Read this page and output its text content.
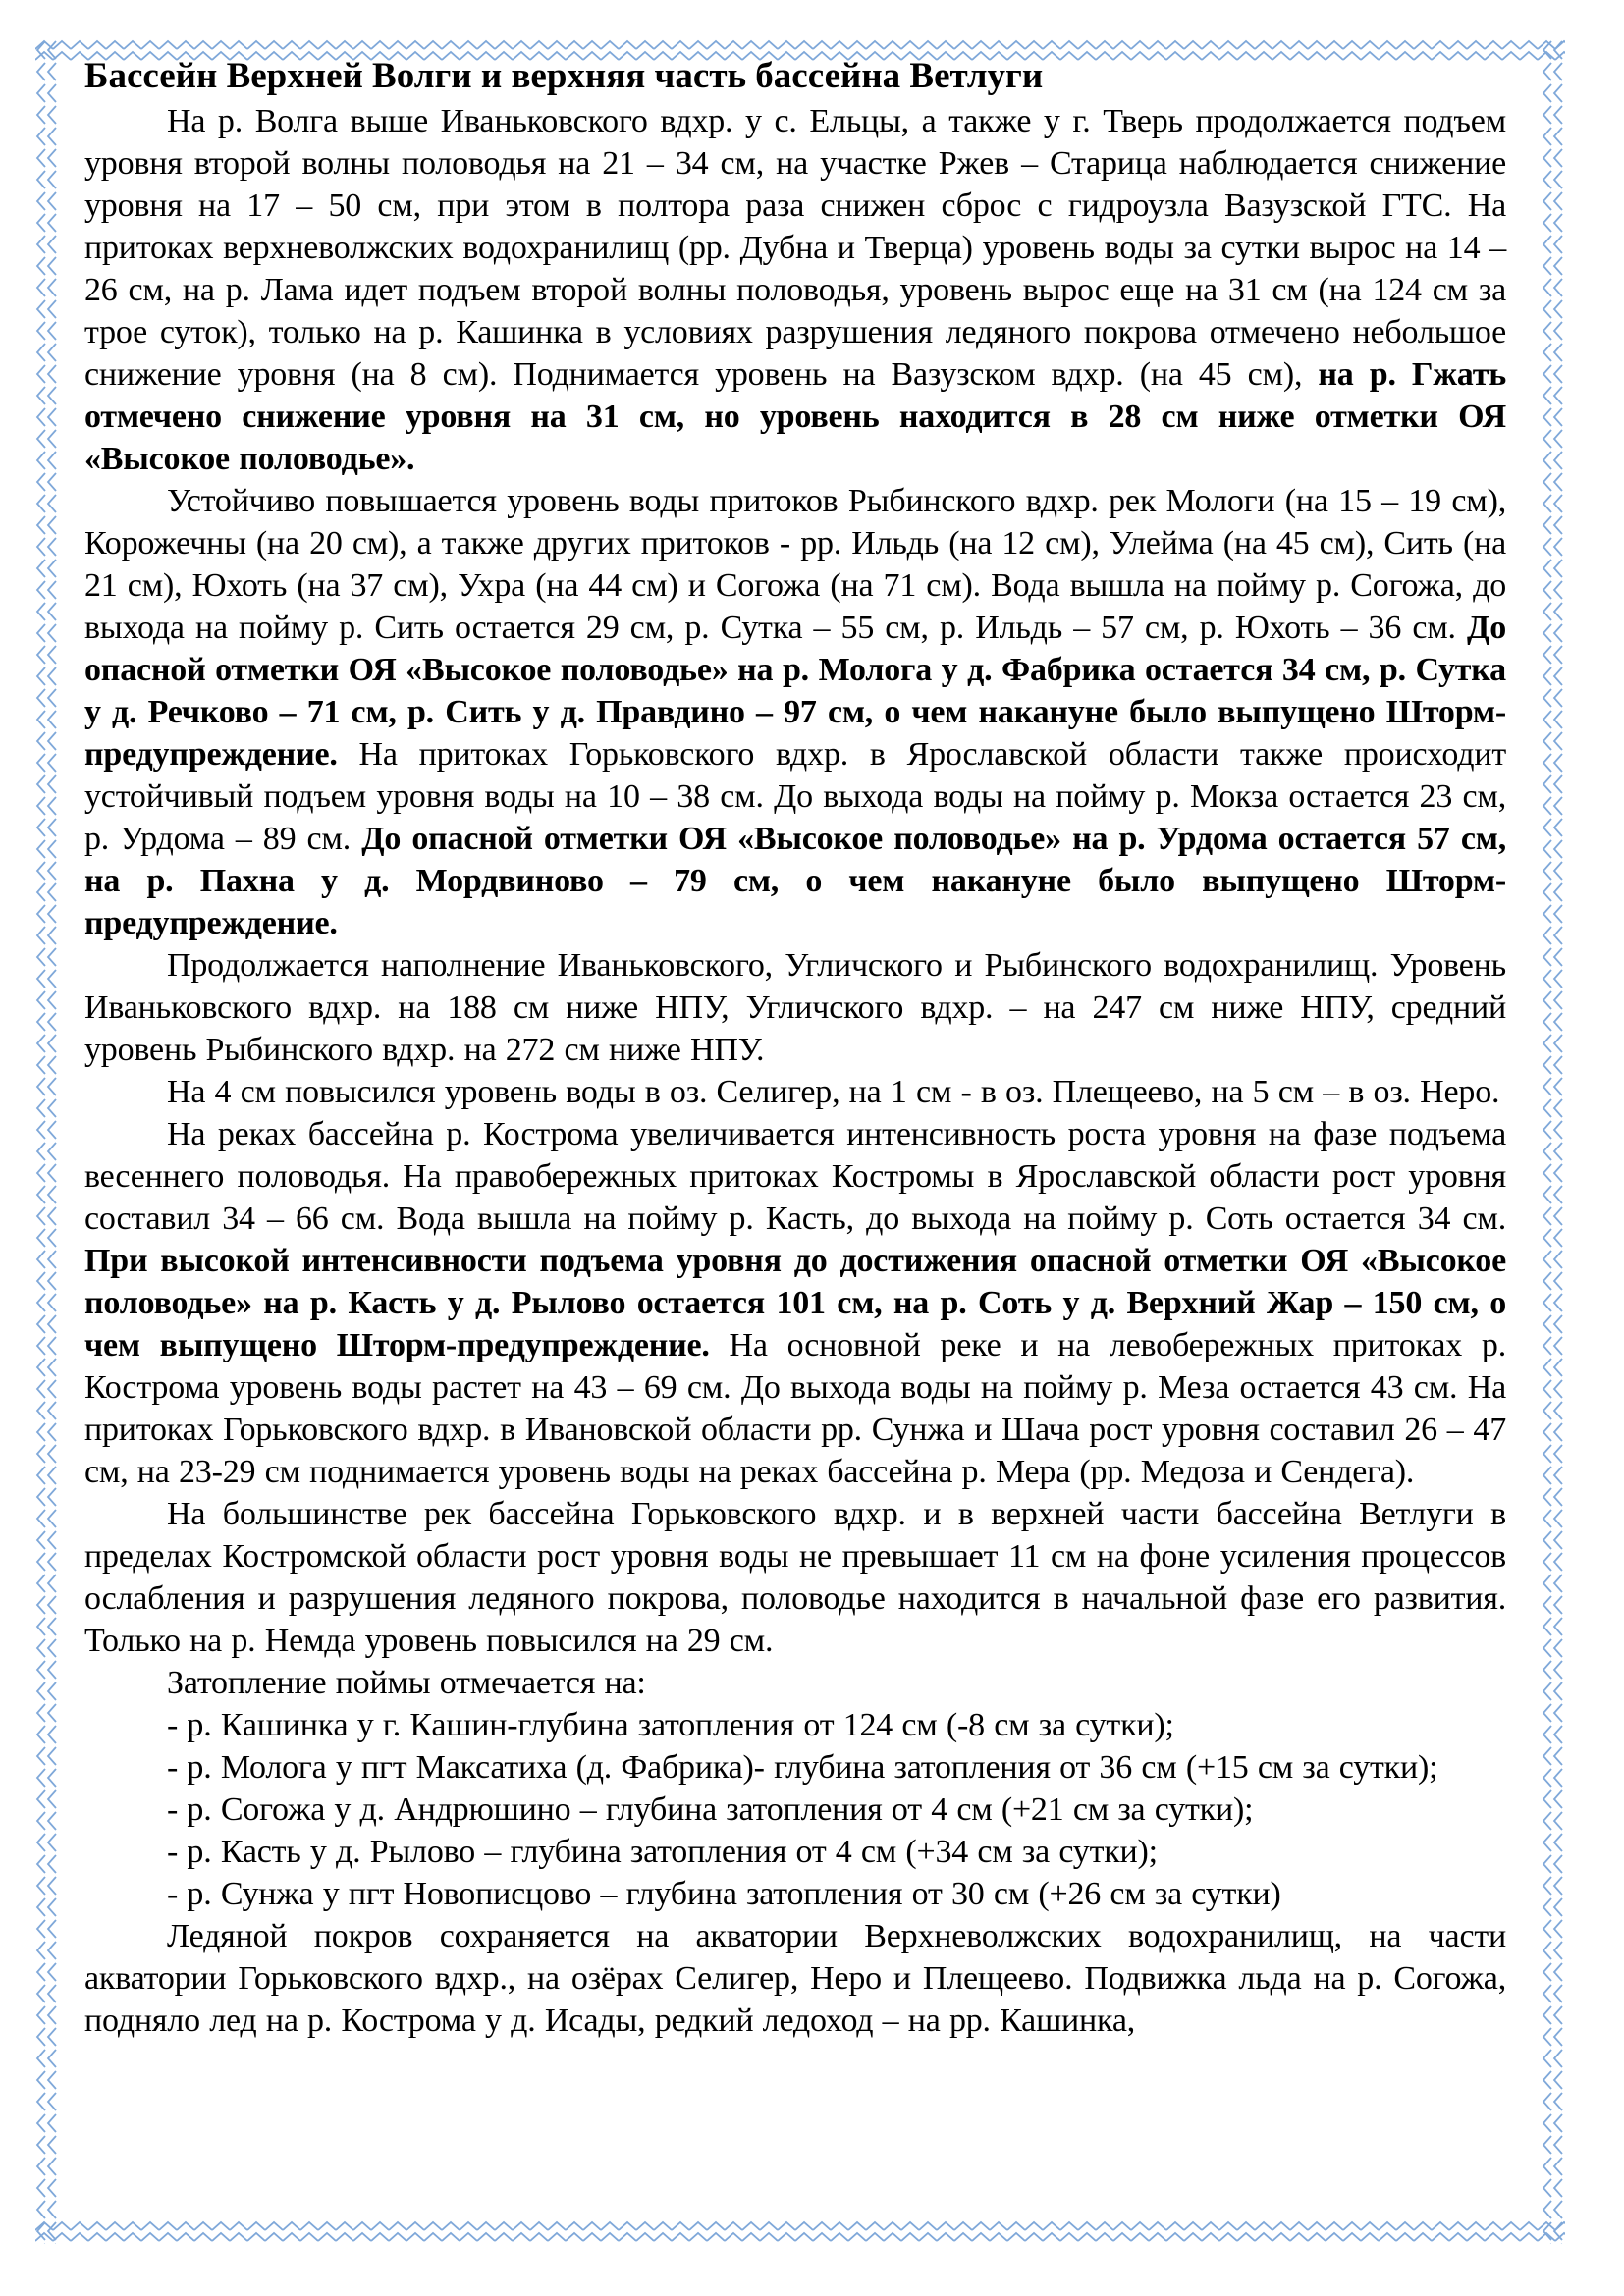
Бассейн Верхней Волги и верхняя часть бассейна Ветлуги

На р. Волга выше Иваньковского вдхр. у с. Ельцы, а также у г. Тверь продолжается подъем уровня второй волны половодья на 21 – 34 см, на участке Ржев – Старица наблюдается снижение уровня на 17 – 50 см, при этом в полтора раза снижен сброс с гидроузла Вазузской ГТС. На притоках верхневолжских водохранилищ (рр. Дубна и Тверца) уровень воды за сутки вырос на 14 – 26 см, на р. Лама идет подъем второй волны половодья, уровень вырос еще на 31 см (на 124 см за трое суток), только на р. Кашинка в условиях разрушения ледяного покрова отмечено небольшое снижение уровня (на 8 см). Поднимается уровень на Вазузском вдхр. (на 45 см), на р. Гжать отмечено снижение уровня на 31 см, но уровень находится в 28 см ниже отметки ОЯ «Высокое половодье».

Устойчиво повышается уровень воды притоков Рыбинского вдхр. рек Мологи (на 15 – 19 см), Корожечны (на 20 см), а также других притоков - рр. Ильдь (на 12 см), Улейма (на 45 см), Сить (на 21 см), Юхоть (на 37 см), Ухра (на 44 см) и Согожа (на 71 см). Вода вышла на пойму р. Согожа, до выхода на пойму р. Сить остается 29 см, р. Сутка – 55 см, р. Ильдь – 57 см, р. Юхоть – 36 см. До опасной отметки ОЯ «Высокое половодье» на р. Молога у д. Фабрика остается 34 см, р. Сутка у д. Речково – 71 см, р. Сить у д. Правдино – 97 см, о чем накануне было выпущено Шторм-предупреждение. На притоках Горьковского вдхр. в Ярославской области также происходит устойчивый подъем уровня воды на 10 – 38 см. До выхода воды на пойму р. Мокза остается 23 см, р. Урдома – 89 см. До опасной отметки ОЯ «Высокое половодье» на р. Урдома остается 57 см, на р. Пахна у д. Мордвиново – 79 см, о чем накануне было выпущено Шторм-предупреждение.

Продолжается наполнение Иваньковского, Угличского и Рыбинского водохранилищ. Уровень Иваньковского вдхр. на 188 см ниже НПУ, Угличского вдхр. – на 247 см ниже НПУ, средний уровень Рыбинского вдхр. на 272 см ниже НПУ.

На 4 см повысился уровень воды в оз. Селигер, на 1 см - в оз. Плещеево, на 5 см – в оз. Неро.

На реках бассейна р. Кострома увеличивается интенсивность роста уровня на фазе подъема весеннего половодья. На правобережных притоках Костромы в Ярославской области рост уровня составил 34 – 66 см. Вода вышла на пойму р. Касть, до выхода на пойму р. Соть остается 34 см. При высокой интенсивности подъема уровня до достижения опасной отметки ОЯ «Высокое половодье» на р. Касть у д. Рылово остается 101 см, на р. Соть у д. Верхний Жар – 150 см, о чем выпущено Шторм-предупреждение. На основной реке и на левобережных притоках р. Кострома уровень воды растет на 43 – 69 см. До выхода воды на пойму р. Меза остается 43 см. На притоках Горьковского вдхр. в Ивановской области рр. Сунжа и Шача рост уровня составил 26 – 47 см, на 23-29 см поднимается уровень воды на реках бассейна р. Мера (рр. Медоза и Сендега).

На большинстве рек бассейна Горьковского вдхр. и в верхней части бассейна Ветлуги в пределах Костромской области рост уровня воды не превышает 11 см на фоне усиления процессов ослабления и разрушения ледяного покрова, половодье находится в начальной фазе его развития. Только на р. Немда уровень повысился на 29 см.

Затопление поймы отмечается на:

- р. Кашинка у г. Кашин-глубина затопления от 124 см (-8 см за сутки);

- р. Молога у пгт Максатиха (д. Фабрика)- глубина затопления от 36 см (+15 см за сутки);

- р. Согожа у д. Андрюшино – глубина затопления от 4 см (+21 см за сутки);

- р. Касть у д. Рылово – глубина затопления от 4 см (+34 см за сутки);

- р. Сунжа у пгт Новописцово – глубина затопления от 30 см (+26 см за сутки)

Ледяной покров сохраняется на акватории Верхневолжских водохранилищ, на части акватории Горьковского вдхр., на озёрах Селигер, Неро и Плещеево. Подвижка льда на р. Согожа, подняло лед на р. Кострома у д. Исады, редкий ледоход – на рр. Кашинка,
